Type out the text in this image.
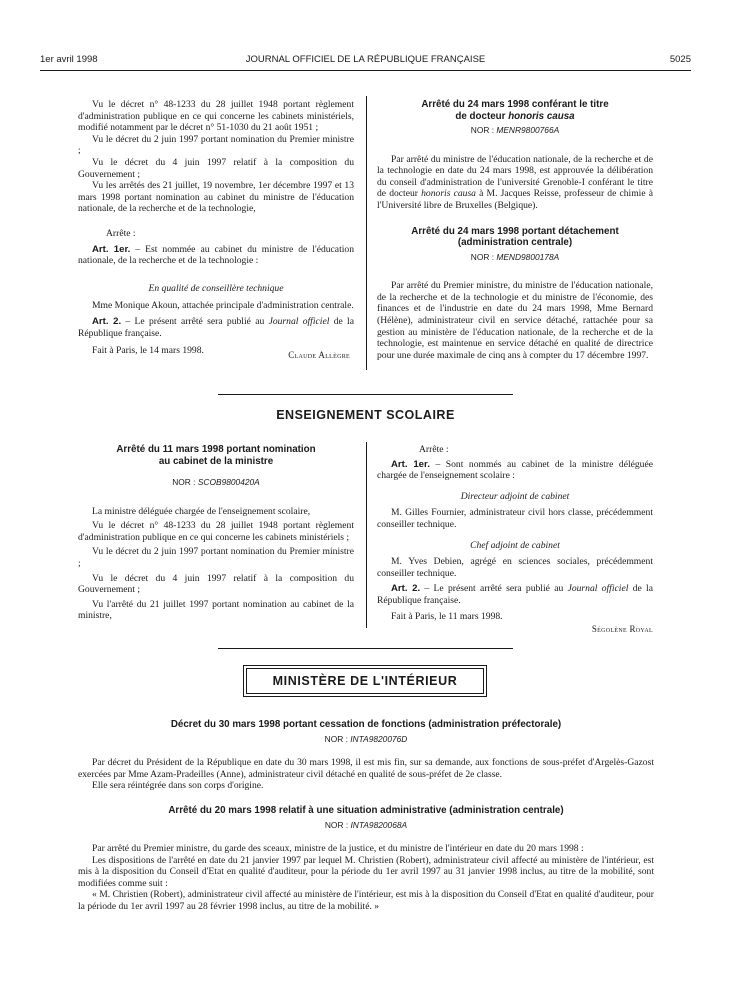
1er avril 1998	JOURNAL OFFICIEL DE LA RÉPUBLIQUE FRANÇAISE	5025

Vu le décret n° 48-1233 du 28 juillet 1948 portant règlement d'administration publique en ce qui concerne les cabinets ministériels, modifié notamment par le décret n° 51-1030 du 21 août 1951 ;

Vu le décret du 2 juin 1997 portant nomination du Premier ministre ;

Vu le décret du 4 juin 1997 relatif à la composition du Gouvernement ;

Vu les arrêtés des 21 juillet, 19 novembre, 1er décembre 1997 et 13 mars 1998 portant nomination au cabinet du ministre de l'éducation nationale, de la recherche et de la technologie,

Arrête :

Art. 1er. – Est nommée au cabinet du ministre de l'éducation nationale, de la recherche et de la technologie :

En qualité de conseillère technique

Mme Monique Akoun, attachée principale d'administration centrale.

Art. 2. – Le présent arrêté sera publié au Journal officiel de la République française.

Fait à Paris, le 14 mars 1998.	Claude Allègre
Arrêté du 24 mars 1998 conférant le titre
de docteur honoris causa
NOR : MENR9800766A

Par arrêté du ministre de l'éducation nationale, de la recherche et de la technologie en date du 24 mars 1998, est approuvée la délibération du conseil d'administration de l'université Grenoble-I conférant le titre de docteur honoris causa à M. Jacques Reisse, professeur de chimie à l'Université libre de Bruxelles (Belgique).

Arrêté du 24 mars 1998 portant détachement
(administration centrale)
NOR : MEND9800178A

Par arrêté du Premier ministre, du ministre de l'éducation nationale, de la recherche et de la technologie et du ministre de l'économie, des finances et de l'industrie en date du 24 mars 1998, Mme Bernard (Hélène), administrateur civil en service détaché, rattachée pour sa gestion au ministère de l'éducation nationale, de la recherche et de la technologie, est maintenue en service détaché en qualité de directrice pour une durée maximale de cinq ans à compter du 17 décembre 1997.

ENSEIGNEMENT SCOLAIRE
Arrêté du 11 mars 1998 portant nomination
au cabinet de la ministre
NOR : SCOB9800420A

La ministre déléguée chargée de l'enseignement scolaire,

Vu le décret n° 48-1233 du 28 juillet 1948 portant règlement d'administration publique en ce qui concerne les cabinets ministériels ;

Vu le décret du 2 juin 1997 portant nomination du Premier ministre ;

Vu le décret du 4 juin 1997 relatif à la composition du Gouvernement ;

Vu l'arrêté du 21 juillet 1997 portant nomination au cabinet de la ministre,

Arrête :

Art. 1er. – Sont nommés au cabinet de la ministre déléguée chargée de l'enseignement scolaire :

Directeur adjoint de cabinet

M. Gilles Fournier, administrateur civil hors classe, précédemment conseiller technique.

Chef adjoint de cabinet

M. Yves Debien, agrégé en sciences sociales, précédemment conseiller technique.

Art. 2. – Le présent arrêté sera publié au Journal officiel de la République française.

Fait à Paris, le 11 mars 1998.

Ségolène Royal

MINISTÈRE DE L'INTÉRIEUR
Décret du 30 mars 1998 portant cessation de fonctions (administration préfectorale)
NOR : INTA9820076D

Par décret du Président de la République en date du 30 mars 1998, il est mis fin, sur sa demande, aux fonctions de sous-préfet d'Argelès-Gazost exercées par Mme Azam-Pradeilles (Anne), administrateur civil détaché en qualité de sous-préfet de 2e classe.

Elle sera réintégrée dans son corps d'origine.

Arrêté du 20 mars 1998 relatif à une situation administrative (administration centrale)
NOR : INTA9820068A

Par arrêté du Premier ministre, du garde des sceaux, ministre de la justice, et du ministre de l'intérieur en date du 20 mars 1998 :

Les dispositions de l'arrêté en date du 21 janvier 1997 par lequel M. Christien (Robert), administrateur civil affecté au ministère de l'intérieur, est mis à la disposition du Conseil d'Etat en qualité d'auditeur, pour la période du 1er avril 1997 au 31 janvier 1998 inclus, au titre de la mobilité, sont modifiées comme suit :

« M. Christien (Robert), administrateur civil affecté au ministère de l'intérieur, est mis à la disposition du Conseil d'Etat en qualité d'auditeur, pour la période du 1er avril 1997 au 28 février 1998 inclus, au titre de la mobilité. »
